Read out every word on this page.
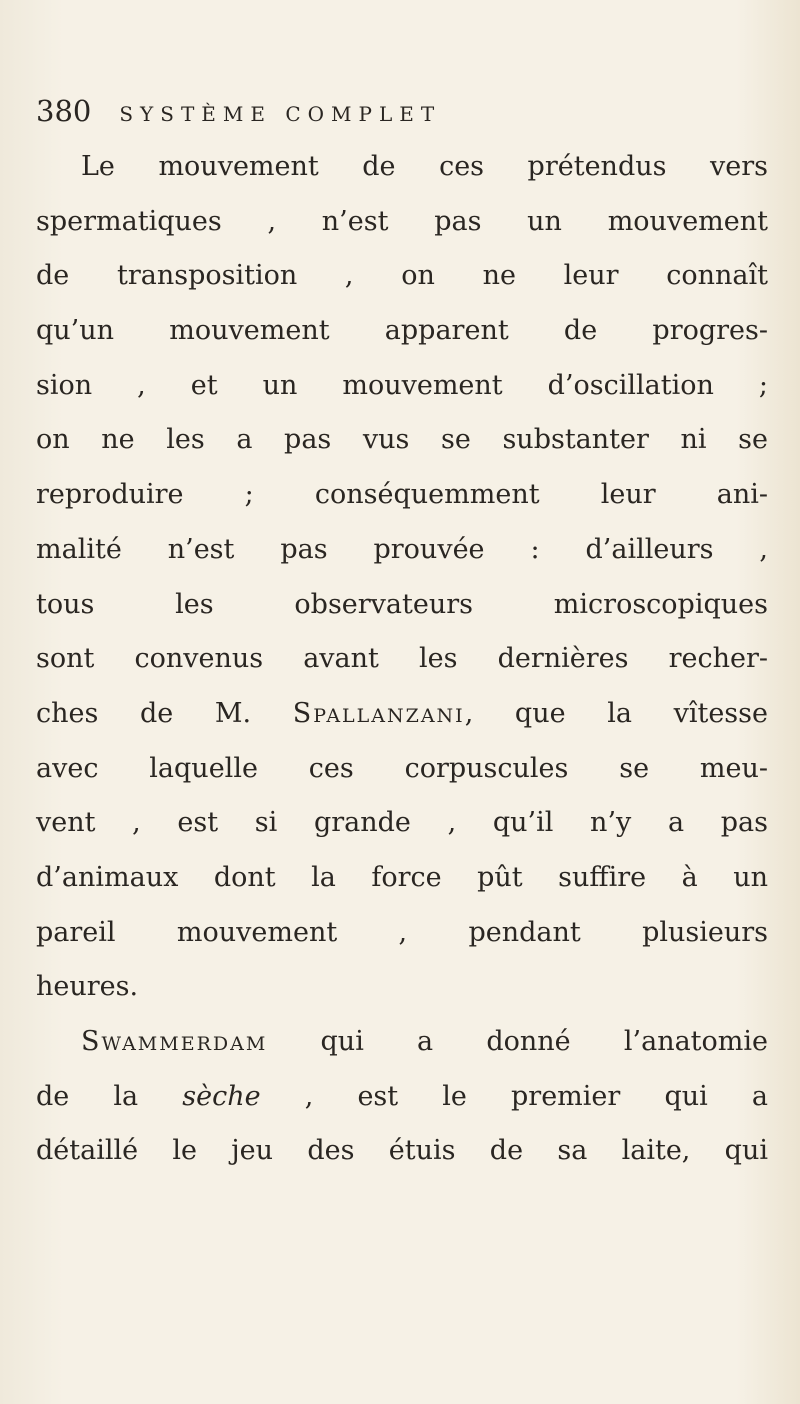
380 SYSTÈME COMPLET
Le mouvement de ces prétendus vers
spermatiques , n’est pas un mouvement
de transposition , on ne leur connaît
qu’un mouvement apparent de progres-
sion , et un mouvement d’oscillation ;
on ne les a pas vus se substanter ni se
reproduire ; conséquemment leur ani-
malité n’est pas prouvée : d’ailleurs ,
tous les observateurs microscopiques
sont convenus avant les dernières recher-
ches de M. Spallanzani, que la vîtesse
avec laquelle ces corpuscules se meu-
vent , est si grande , qu’il n’y a pas
d’animaux dont la force pût suffire à un
pareil mouvement , pendant plusieurs
heures.
Swammerdam qui a donné l’anatomie
de la sèche , est le premier qui a
détaillé le jeu des étuis de sa laite, qui
